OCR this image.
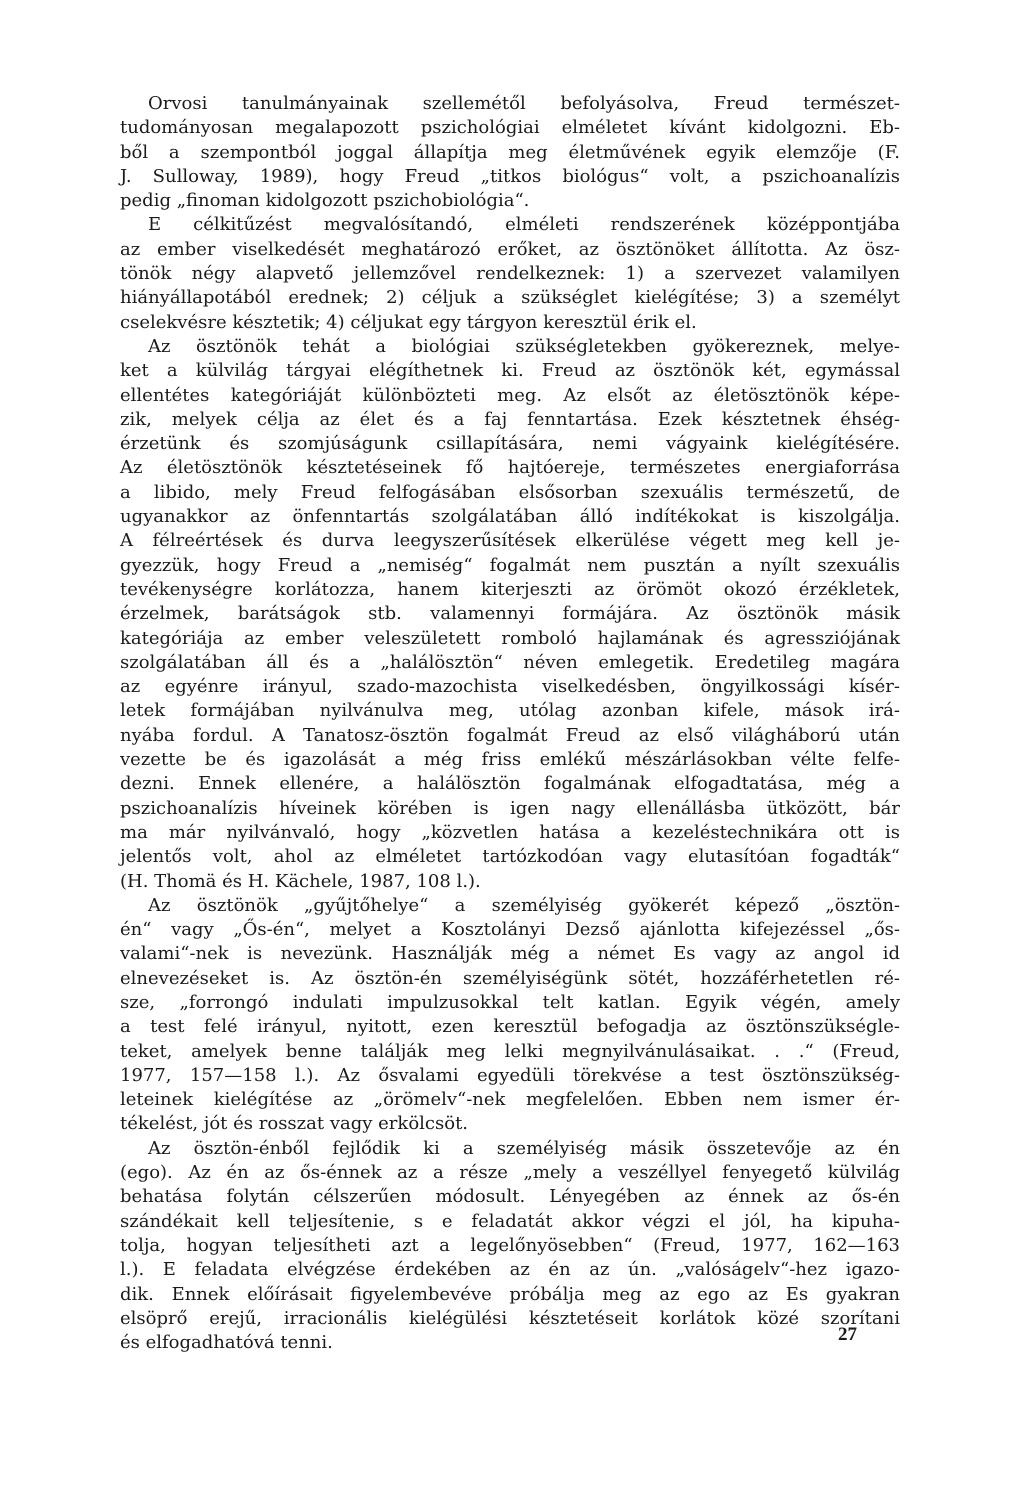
Orvosi tanulmányainak szellemétől befolyásolva, Freud természet-
tudományosan megalapozott pszichológiai elméletet kívánt kidolgozni. Eb-
ből a szempontból joggal állapítja meg életművének egyik elemzője (F.
J. Sulloway, 1989), hogy Freud „titkos biológus“ volt, a pszichoanalízis
pedig „finoman kidolgozott pszichobiológia“.
E célkitűzést megvalósítandó, elméleti rendszerének középpontjába
az ember viselkedését meghatározó erőket, az ösztönöket állította. Az ösz-
tönök négy alapvető jellemzővel rendelkeznek: 1) a szervezet valamilyen
hiányállapotából erednek; 2) céljuk a szükséglet kielégítése; 3) a személyt
cselekvésre késztetik; 4) céljukat egy tárgyon keresztül érik el.
Az ösztönök tehát a biológiai szükségletekben gyökereznek, melye-
ket a külvilág tárgyai elégíthetnek ki. Freud az ösztönök két, egymással
ellentétes kategóriáját különbözteti meg. Az elsőt az életösztönök képe-
zik, melyek célja az élet és a faj fenntartása. Ezek késztetnek éhség-
érzetünk és szomjúságunk csillapítására, nemi vágyaink kielégítésére.
Az életösztönök késztetéseinek fő hajtóereje, természetes energiaforrása
a libido, mely Freud felfogásában elsősorban szexuális természetű, de
ugyanakkor az önfenntartás szolgálatában álló indítékokat is kiszolgálja.
A félreértések és durva leegyszerűsítések elkerülése végett meg kell je-
gyezzük, hogy Freud a „nemiség“ fogalmát nem pusztán a nyílt szexuális
tevékenységre korlátozza, hanem kiterjeszti az örömöt okozó érzékletek,
érzelmek, barátságok stb. valamennyi formájára. Az ösztönök másik
kategóriája az ember veleszületett romboló hajlamának és agressziójának
szolgálatában áll és a „halálösztön“ néven emlegetik. Eredetileg magára
az egyénre irányul, szado-mazochista viselkedésben, öngyilkossági kísér-
letek formájában nyilvánulva meg, utólag azonban kifele, mások irá-
nyába fordul. A Tanatosz-ösztön fogalmát Freud az első világháború után
vezette be és igazolását a még friss emlékű mészárlásokban vélte felfe-
dezni. Ennek ellenére, a halálösztön fogalmának elfogadtatása, még a
pszichoanalízis híveinek körében is igen nagy ellenállásba ütközött, bár
ma már nyilvánvaló, hogy „közvetlen hatása a kezeléstechnikára ott is
jelentős volt, ahol az elméletet tartózkodóan vagy elutasítóan fogadták“
(H. Thomä és H. Kächele, 1987, 108 l.).
Az ösztönök „gyűjtőhelye“ a személyiség gyökerét képező „ösztön-
én“ vagy „Ős-én“, melyet a Kosztolányi Dezső ajánlotta kifejezéssel „ős-
valami“-nek is nevezünk. Használják még a német Es vagy az angol id
elnevezéseket is. Az ösztön-én személyiségünk sötét, hozzáférhetetlen ré-
sze, „forrongó indulati impulzusokkal telt katlan. Egyik végén, amely
a test felé irányul, nyitott, ezen keresztül befogadja az ösztönszükségle-
teket, amelyek benne találják meg lelki megnyilvánulásaikat. . .“ (Freud,
1977, 157—158 l.). Az ősvalami egyedüli törekvése a test ösztönszükség-
leteinek kielégítése az „örömelv“-nek megfelelően. Ebben nem ismer ér-
tékelést, jót és rosszat vagy erkölcsöt.
Az ösztön-énből fejlődik ki a személyiség másik összetevője az én
(ego). Az én az ős-énnek az a része „mely a veszéllyel fenyegető külvilág
behatása folytán célszerűen módosult. Lényegében az énnek az ős-én
szándékait kell teljesítenie, s e feladatát akkor végzi el jól, ha kipuha-
tolja, hogyan teljesítheti azt a legelőnyösebben“ (Freud, 1977, 162—163
l.). E feladata elvégzése érdekében az én az ún. „valóságelv“-hez igazo-
dik. Ennek előírásait figyelembevéve próbálja meg az ego az Es gyakran
elsöprő erejű, irracionális kielégülési késztetéseit korlátok közé szorítani
és elfogadhatóvá tenni.	27
